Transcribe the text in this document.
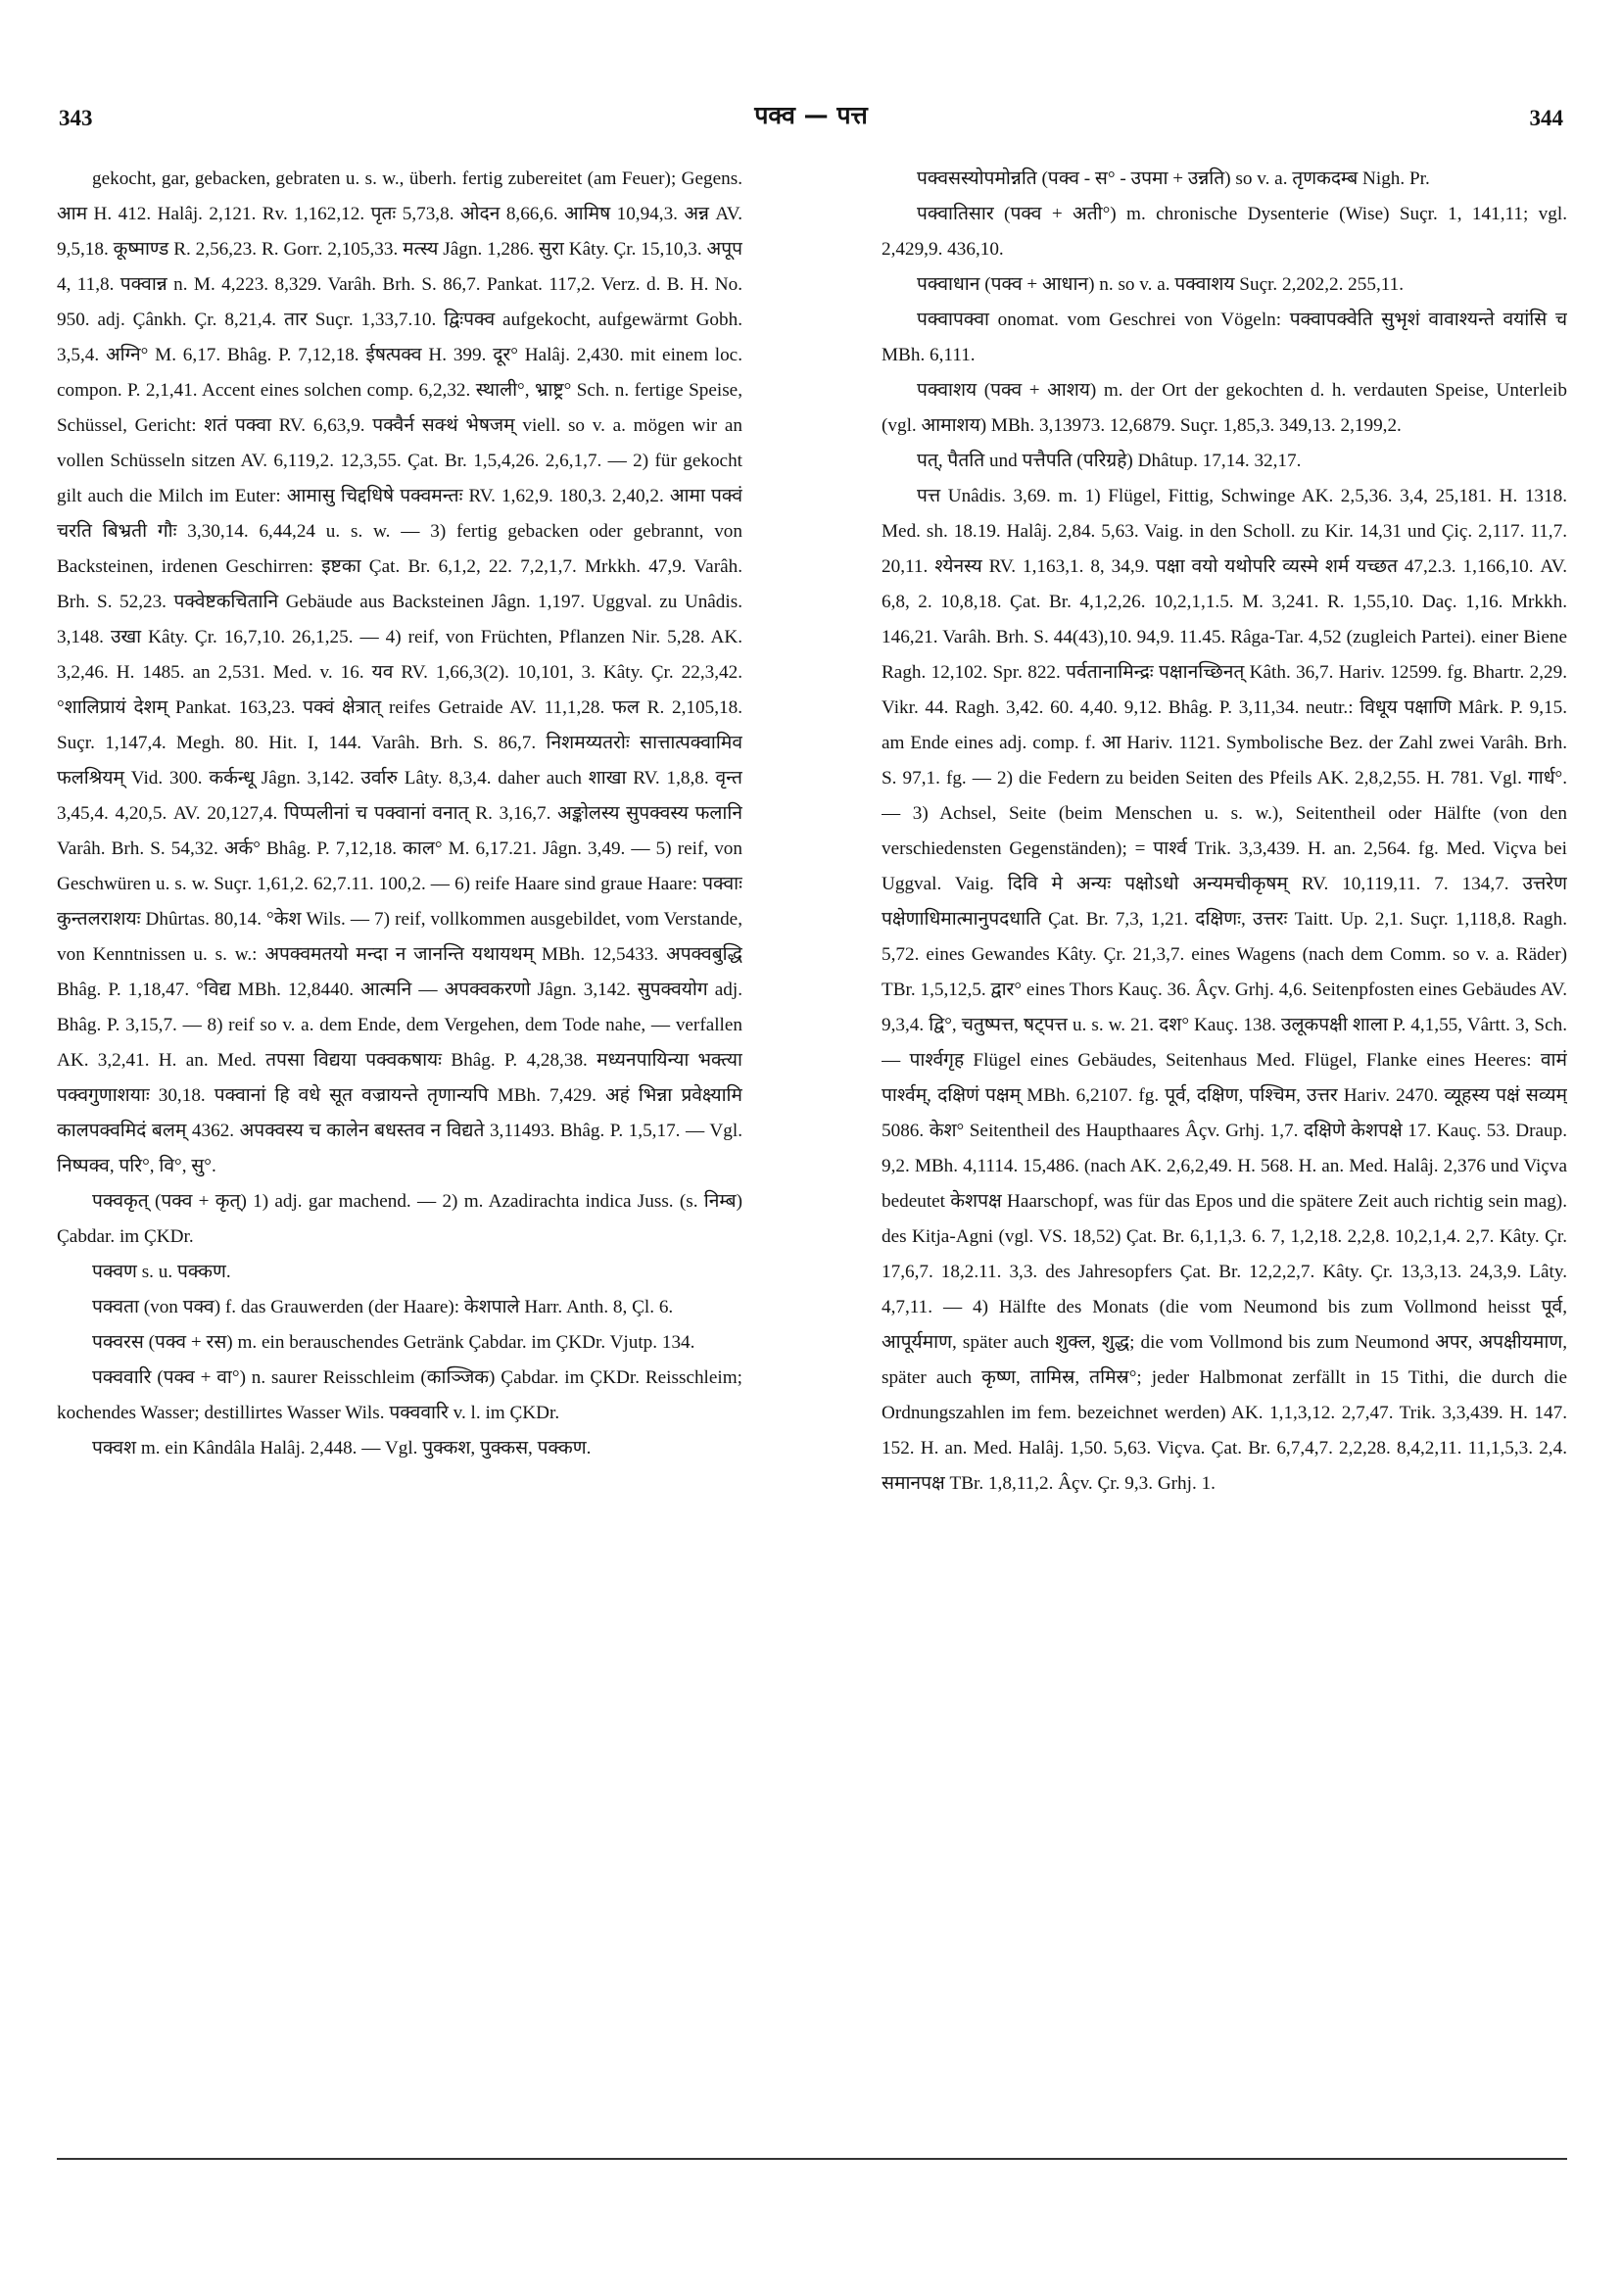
343	पक्व — पत्त	344

gekocht, gar, gebacken, gebraten u. s. w., überh. fertig zubereitet (am Feuer); Gegens. आम H. 412. Halâj. 2,121. Rv. 1,162,12. पृतः 5,73,8. ओदन 8,66,6. आमिष 10,94,3. अन्न AV. 9,5,18. कूष्माण्ड R. 2,56,23. R. Gorr. 2,105,33. मत्स्य Jâgn. 1,286. सुरा Kâty. Çr. 15,10,3. अपूप 4, 11,8. पक्वान्न n. M. 4,223. 8,329. Varâh. Brh. S. 86,7. Pankat. 117,2. Verz. d. B. H. No. 950. adj. Çânkh. Çr. 8,21,4. तार Suçr. 1,33,7.10. द्विःपक्व aufgekocht, aufgewärmt Gobh. 3,5,4. अग्नि° M. 6,17. Bhâg. P. 7,12,18. ईषत्पक्व H. 399. दूर° Halâj. 2,430. mit einem loc. compon. P. 2,1,41. Accent eines solchen comp. 6,2,32. स्थाली°, भ्राष्ट्र° Sch. n. fertige Speise, Schüssel, Gericht: शतं पक्वा RV. 6,63,9. पक्वैर्न सक्थं भेषजम् viell. so v. a. mögen wir an vollen Schüsseln sitzen AV. 6,119,2. 12,3,55. Çat. Br. 1,5,4,26. 2,6,1,7. — 2) für gekocht gilt auch die Milch im Euter: आमासु चिद्दधिषे पक्वमन्तः RV. 1,62,9. 180,3. 2,40,2. आमा पक्वं चरति बिभ्रती गौः 3,30,14. 6,44,24 u. s. w. — 3) fertig gebacken oder gebrannt, von Backsteinen, irdenen Geschirren: इष्टका Çat. Br. 6,1,2, 22. 7,2,1,7. Mrkkh. 47,9. Varâh. Brh. S. 52,23. पक्वेष्टकचितानि Gebäude aus Backsteinen Jâgn. 1,197. Uggval. zu Unâdis. 3,148. उखा Kâty. Çr. 16,7,10. 26,1,25. — 4) reif, von Früchten, Pflanzen Nir. 5,28. AK. 3,2,46. H. 1485. an 2,531. Med. v. 16. यव RV. 1,66,3(2). 10,101, 3. Kâty. Çr. 22,3,42. °शालिप्रायं देशम् Pankat. 163,23. पक्वं क्षेत्रात् reifes Getraide AV. 11,1,28. फल R. 2,105,18. Suçr. 1,147,4. Megh. 80. Hit. I, 144. Varâh. Brh. S. 86,7. निशमय्यतरोः सात्तात्पक्वामिव फलश्रियम् Vid. 300. कर्कन्धू Jâgn. 3,142. उर्वारु Lâty. 8,3,4. daher auch शाखा RV. 1,8,8. वृन्त 3,45,4. 4,20,5. AV. 20,127,4. पिप्पलीनां च पक्वानां वनात् R. 3,16,7. अङ्कोलस्य सुपक्वस्य फलानि Varâh. Brh. S. 54,32. अर्क° Bhâg. P. 7,12,18. काल° M. 6,17.21. Jâgn. 3,49. — 5) reif, von Geschwüren u. s. w. Suçr. 1,61,2. 62,7.11. 100,2. — 6) reife Haare sind graue Haare: पक्वाः कुन्तलराशयः Dhûrtas. 80,14. °केश Wils. — 7) reif, vollkommen ausgebildet, vom Verstande, von Kenntnissen u. s. w.: अपक्वमतयो मन्दा न जानन्ति यथायथम् MBh. 12,5433. अपक्वबुद्धि Bhâg. P. 1,18,47. °विद्य MBh. 12,8440. आत्मनि — अपक्वकरणो Jâgn. 3,142. सुपक्वयोग adj. Bhâg. P. 3,15,7. — 8) reif so v. a. dem Ende, dem Vergehen, dem Tode nahe, — verfallen AK. 3,2,41. H. an. Med. तपसा विद्यया पक्वकषायः Bhâg. P. 4,28,38. मध्यनपायिन्या भक्त्या पक्वगुणाशयाः 30,18. पक्वानां हि वधे सूत वज्रायन्ते तृणान्यपि MBh. 7,429. अहं भिन्ना प्रवेक्ष्यामि कालपक्वमिदं बलम् 4362. अपक्वस्य च कालेन बधस्तव न विद्यते 3,11493. Bhâg. P. 1,5,17. — Vgl. निष्पक्व, परि°, वि°, सु°.

पक्वकृत् (पक्व + कृत्) 1) adj. gar machend. — 2) m. Azadirachta indica Juss. (s. निम्ब) Çabdar. im ÇKDr.

पक्वण s. u. पक्कण.

पक्वता (von पक्व) f. das Grauwerden (der Haare): केशपाले Harr. Anth. 8, Çl. 6.

पक्वरस (पक्व + रस) m. ein berauschendes Getränk Çabdar. im ÇKDr. Vjutp. 134.

पक्ववारि (पक्व + वा°) n. saurer Reisschleim (काञ्जिक) Çabdar. im ÇKDr. Reisschleim; kochendes Wasser; destillirtes Wasser Wils. पक्ववारि v. l. im ÇKDr.

पक्वश m. ein Kândâla Halâj. 2,448. — Vgl. पुक्कश, पुक्कस, पक्कण.

पक्वसस्योपमोन्नति (पक्व - स° - उपमा + उन्नति) so v. a. तृणकदम्ब Nigh. Pr.

पक्वातिसार (पक्व + अती°) m. chronische Dysenterie (Wise) Suçr. 1, 141,11; vgl. 2,429,9. 436,10.

पक्वाधान (पक्व + आधान) n. so v. a. पक्वाशय Suçr. 2,202,2. 255,11.

पक्वापक्वा onomat. vom Geschrei von Vögeln: पक्वापक्वेति सुभृशं वावाश्यन्ते वयांसि च MBh. 6,111.

पक्वाशय (पक्व + आशय) m. der Ort der gekochten d. h. verdauten Speise, Unterleib (vgl. आमाशय) MBh. 3,13973. 12,6879. Suçr. 1,85,3. 349,13. 2,199,2.

पत्, पैतति und पत्तैपति (परिग्रहे) Dhâtup. 17,14. 32,17.

पत्त Unâdis. 3,69. m. 1) Flügel, Fittig, Schwinge AK. 2,5,36. 3,4, 25,181. H. 1318. Med. sh. 18.19. Halâj. 2,84. 5,63. Vaig. in den Scholl. zu Kir. 14,31 und Çiç. 2,117. 11,7. 20,11. श्येनस्य RV. 1,163,1. 8, 34,9. पक्षा वयो यथोपरि व्यस्मे शर्म यच्छत 47,2.3. 1,166,10. AV. 6,8, 2. 10,8,18. Çat. Br. 4,1,2,26. 10,2,1,1.5. M. 3,241. R. 1,55,10. Daç. 1,16. Mrkkh. 146,21. Varâh. Brh. S. 44(43),10. 94,9. 11.45. Râga-Tar. 4,52 (zugleich Partei). einer Biene Ragh. 12,102. Spr. 822. पर्वतानामिन्द्रः पक्षानच्छिनत् Kâth. 36,7. Hariv. 12599. fg. Bhartr. 2,29. Vikr. 44. Ragh. 3,42. 60. 4,40. 9,12. Bhâg. P. 3,11,34. neutr.: विधूय पक्षाणि Mârk. P. 9,15. am Ende eines adj. comp. f. आ Hariv. 1121. Symbolische Bez. der Zahl zwei Varâh. Brh. S. 97,1. fg. — 2) die Federn zu beiden Seiten des Pfeils AK. 2,8,2,55. H. 781. Vgl. गार्ध°. — 3) Achsel, Seite (beim Menschen u. s. w.), Seitentheil oder Hälfte (von den verschiedensten Gegenständen); = पार्श्व Trik. 3,3,439. H. an. 2,564. fg. Med. Viçva bei Uggval. Vaig. दिवि मे अन्यः पक्षोऽधो अन्यमचीकृषम् RV. 10,119,11. 7. 134,7. उत्तरेण पक्षेणाधिमात्मानुपदधाति Çat. Br. 7,3, 1,21. दक्षिणः, उत्तरः Taitt. Up. 2,1. Suçr. 1,118,8. Ragh. 5,72. eines Gewandes Kâty. Çr. 21,3,7. eines Wagens (nach dem Comm. so v. a. Räder) TBr. 1,5,12,5. द्वार° eines Thors Kauç. 36. Âçv. Grhj. 4,6. Seitenpfosten eines Gebäudes AV. 9,3,4. द्वि°, चतुष्पत्त, षट्पत्त u. s. w. 21. दश° Kauç. 138. उलूकपक्षी शाला P. 4,1,55, Vârtt. 3, Sch. — पार्श्वगृह Flügel eines Gebäudes, Seitenhaus Med. Flügel, Flanke eines Heeres: वामं पार्श्वम्, दक्षिणं पक्षम् MBh. 6,2107. fg. पूर्व, दक्षिण, पश्चिम, उत्तर Hariv. 2470. व्यूहस्य पक्षं सव्यम् 5086. केश° Seitentheil des Haupthaares Âçv. Grhj. 1,7. दक्षिणे केशपक्षे 17. Kauç. 53. Draup. 9,2. MBh. 4,1114. 15,486. (nach AK. 2,6,2,49. H. 568. H. an. Med. Halâj. 2,376 und Viçva bedeutet केशपक्ष Haarschopf, was für das Epos und die spätere Zeit auch richtig sein mag). des Kitja-Agni (vgl. VS. 18,52) Çat. Br. 6,1,1,3. 6. 7, 1,2,18. 2,2,8. 10,2,1,4. 2,7. Kâty. Çr. 17,6,7. 18,2.11. 3,3. des Jahresopfers Çat. Br. 12,2,2,7. Kâty. Çr. 13,3,13. 24,3,9. Lâty. 4,7,11. — 4) Hälfte des Monats (die vom Neumond bis zum Vollmond heisst पूर्व, आपूर्यमाण, später auch शुक्ल, शुद्ध; die vom Vollmond bis zum Neumond अपर, अपक्षीयमाण, später auch कृष्ण, तामिस्र, तमिस्र°; jeder Halbmonat zerfällt in 15 Tithi, die durch die Ordnungszahlen im fem. bezeichnet werden) AK. 1,1,3,12. 2,7,47. Trik. 3,3,439. H. 147. 152. H. an. Med. Halâj. 1,50. 5,63. Viçva. Çat. Br. 6,7,4,7. 2,2,28. 8,4,2,11. 11,1,5,3. 2,4. समानपक्ष TBr. 1,8,11,2. Âçv. Çr. 9,3. Grhj. 1.
